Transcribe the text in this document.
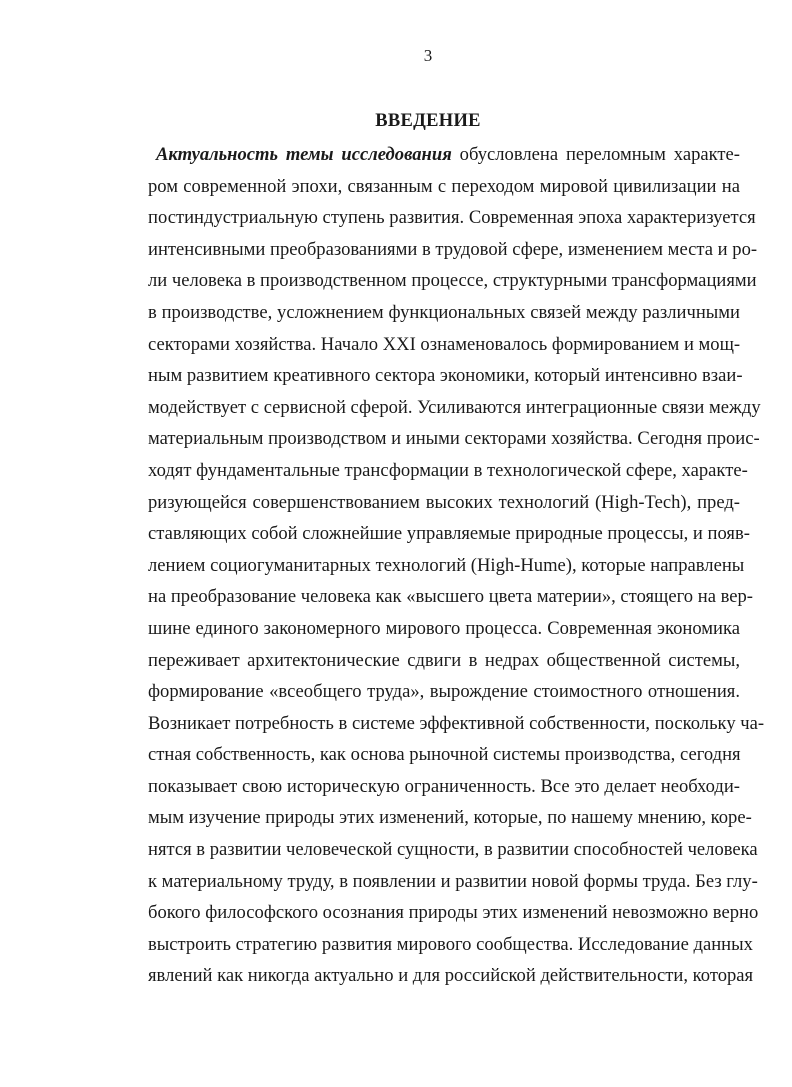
3
ВВЕДЕНИЕ
Актуальность темы исследования обусловлена переломным характе-
ром современной эпохи, связанным с переходом мировой цивилизации на
постиндустриальную ступень развития. Современная эпоха характеризуется
интенсивными преобразованиями в трудовой сфере, изменением места и ро-
ли человека в производственном процессе, структурными трансформациями
в производстве, усложнением функциональных связей между различными
секторами хозяйства. Начало XXI ознаменовалось формированием и мощ-
ным развитием креативного сектора экономики, который интенсивно взаи-
модействует с сервисной сферой. Усиливаются интеграционные связи между
материальным производством и иными секторами хозяйства. Сегодня проис-
ходят фундаментальные трансформации в технологической сфере, характе-
ризующейся совершенствованием высоких технологий (High-Tech), пред-
ставляющих собой сложнейшие управляемые природные процессы, и появ-
лением социогуманитарных технологий (High-Hume), которые направлены
на преобразование человека как «высшего цвета материи», стоящего на вер-
шине единого закономерного мирового процесса. Современная экономика
переживает архитектонические сдвиги в недрах общественной системы,
формирование «всеобщего труда», вырождение стоимостного отношения.
Возникает потребность в системе эффективной собственности, поскольку ча-
стная собственность, как основа рыночной системы производства, сегодня
показывает свою историческую ограниченность. Все это делает необходи-
мым изучение природы этих изменений, которые, по нашему мнению, коре-
нятся в развитии человеческой сущности, в развитии способностей человека
к материальному труду, в появлении и развитии новой формы труда. Без глу-
бокого философского осознания природы этих изменений невозможно верно
выстроить стратегию развития мирового сообщества. Исследование данных
явлений как никогда актуально и для российской действительности, которая
